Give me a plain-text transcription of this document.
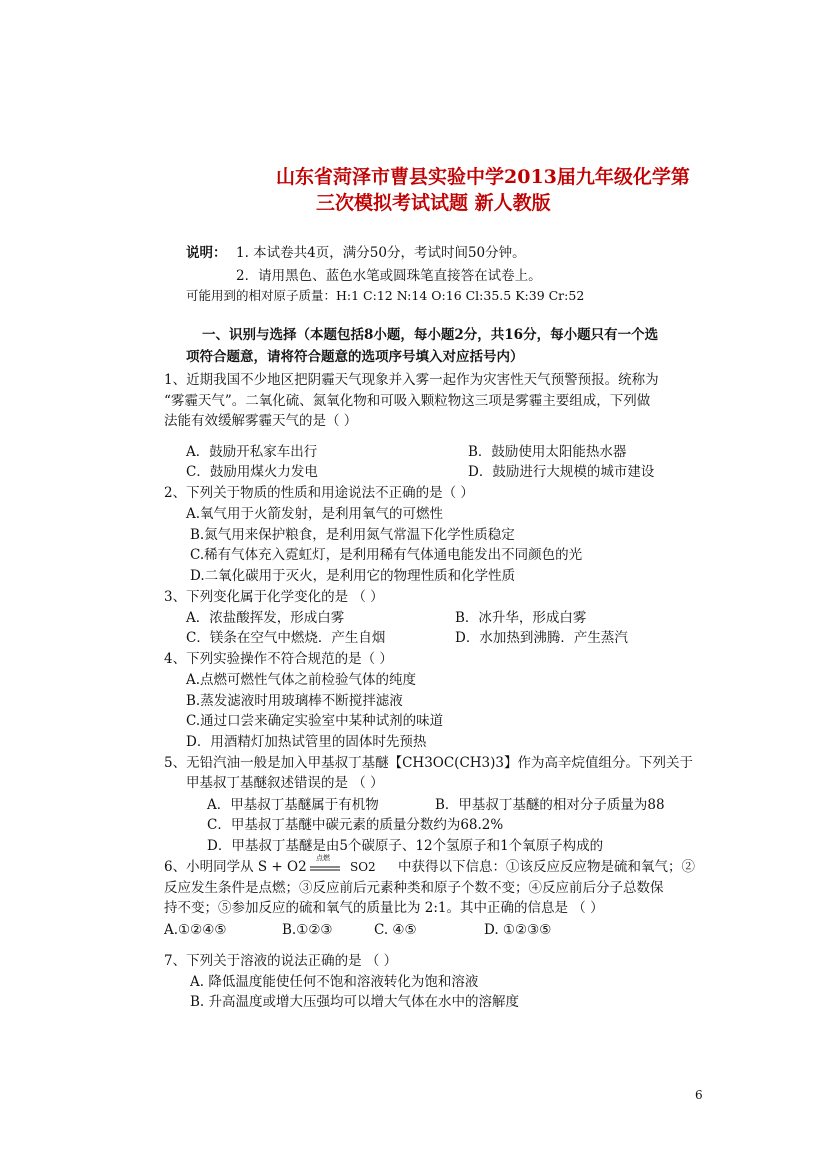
山东省菏泽市曹县实验中学2013届九年级化学第
三次模拟考试试题 新人教版
说明： 1. 本试卷共4页，满分50分，考试时间50分钟。
2．请用黑色、蓝色水笔或圆珠笔直接答在试卷上。
可能用到的相对原子质量：H:1 C:12 N:14 O:16 Cl:35.5 K:39 Cr:52
一、识别与选择（本题包括8小题，每小题2分，共16分，每小题只有一个选
项符合题意，请将符合题意的选项序号填入对应括号内）
1、近期我国不少地区把阴霾天气现象并入雾一起作为灾害性天气预警预报。统称为
“雾霾天气”。二氧化硫、氮氧化物和可吸入颗粒物这三项是雾霾主要组成，下列做
法能有效缓解雾霾天气的是（ ）
A．鼓励开私家车出行	B．鼓励使用太阳能热水器
C．鼓励用煤火力发电	D．鼓励进行大规模的城市建设
2、下列关于物质的性质和用途说法不正确的是（ ）
A.氧气用于火箭发射，是利用氧气的可燃性
B.氮气用来保护粮食，是利用氮气常温下化学性质稳定
C.稀有气体充入霓虹灯，是利用稀有气体通电能发出不同颜色的光
D.二氧化碳用于灭火，是利用它的物理性质和化学性质
3、下列变化属于化学变化的是 （ ）
A．浓盐酸挥发，形成白雾	B．冰升华，形成白雾
C．镁条在空气中燃烧．产生自烟	D．水加热到沸腾．产生蒸汽
4、下列实验操作不符合规范的是（ ）
A.点燃可燃性气体之前检验气体的纯度
B.蒸发滤液时用玻璃棒不断搅拌滤液
C.通过口尝来确定实验室中某种试剂的味道
D．用酒精灯加热试管里的固体时先预热
5、无铅汽油一般是加入甲基叔丁基醚【CH3OC(CH3)3】作为高辛烷值组分。下列关于
甲基叔丁基醚叙述错误的是 （ ）
A．甲基叔丁基醚属于有机物	B．甲基叔丁基醚的相对分子质量为88
C．甲基叔丁基醚中碳元素的质量分数约为68.2%
D．甲基叔丁基醚是由5个碳原子、12个氢原子和1个氧原子构成的
6、小明同学从 S + O2
点燃
SO2 中获得以下信息：①该反应反应物是硫和氧气；②
反应发生条件是点燃；③反应前后元素种类和原子个数不变；④反应前后分子总数保
持不变；⑤参加反应的硫和氧气的质量比为 2:1。其中正确的信息是 （ ）
A.①②④⑤	B.①②③	C. ④⑤	D. ①②③⑤
7、下列关于溶液的说法正确的是 （ ）
A. 降低温度能使任何不饱和溶液转化为饱和溶液
B. 升高温度或增大压强均可以增大气体在水中的溶解度
6
